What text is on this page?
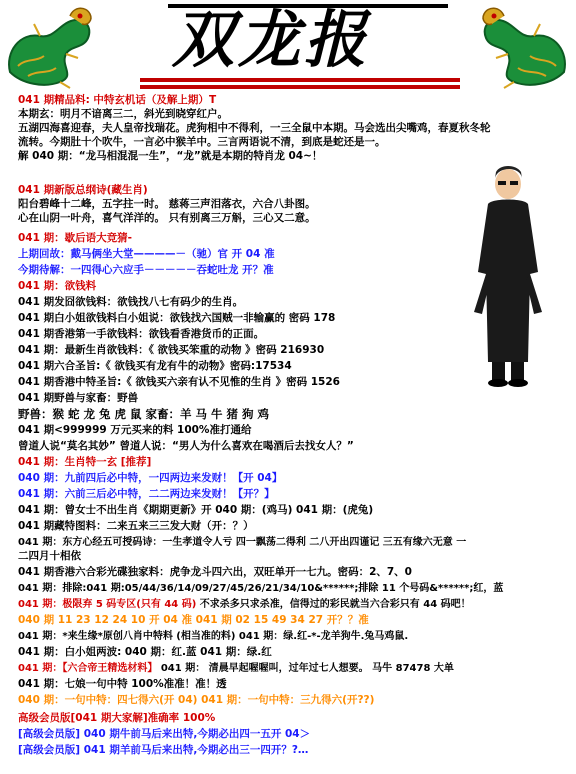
双龙报
041 期精品料: 中特玄机话（及解上期）T
本期玄：明月不谙离三二，斜光到晓穿红户。
五湖四海喜迎春，夫人皇帝找瑞花。虎狗相中不得利，一三全鼠中本期。马会选出尖嘴鸡，春夏秋冬轮
流转。今期肚十个吹牛，一言必中猴羊中。三言两语说不清，到底是蛇还是一。
解 040 期：“龙马相混混一生”，“龙”就是本期的特肖龙 04~！
041 期新版总纲诗(藏生肖)
阳台碧峰十二峰，五字拄一时。 慈蒋三声泪落衣，六合八卦图。
心在山阴一叶舟，喜气洋洋的。 只有别离三万斛，三心又二意。
041 期：歇后语大竞猜-
上期回故：戴马俩坐大堂————－（驰）官 开 04 准
今期待解：一四得心六应手－－－－－吞蛇吐龙 开？准
041 期：欲钱料
041 期发囧欲钱料：欲钱找八七有码少的生肖。
041 期白小姐欲钱料白小姐说：欲钱找六国贼一非输赢的 密码 178
041 期香港第一手欲钱料：欲钱看香港货币的正面。
041 期：最新生肖欲钱料：《 欲钱买笨重的动物 》密码 216930
041 期六合圣旨:《 欲钱买有龙有牛的动物》密码:17534
041 期香港中特圣旨:《 欲钱买六亲有认不见惟的生肖 》密码 1526
041 期野兽与家畜：野兽
野兽：猴 蛇 龙 兔 虎 鼠 家畜：羊 马 牛 猪 狗 鸡
041 期<999999 万元买来的料 100%准打通给
曾道人说“莫名其妙” 曾道人说：“男人为什么喜欢在喝酒后去找女人？”
041 期：生肖特一玄 [推荐]
040 期：九前四后必中特，一四两边来发财！【开 04】
041 期：六前三后必中特，二二两边来发财！【开？】
041 期：曾女士不出生肖《期期更新》开 040 期：(鸡马) 041 期：(虎兔)
041 期藏特图料：二来五来三三发大财（开：？）
041 期：东方心经五可授码诗：一生孝道令人亏 四一飘荡二得利 二八开出四谨记 三五有缘六无意 一
二四月十相依
041 期香港六合彩光碟独家料：虎争龙斗四六出，双旺单开一七九。密码：2、7、0
041 期：排除:041 期:05/44/36/14/09/27/45/26/21/34/10&******;排除 11 个号码&******;红，蓝
041 期：极限弃 5 码专区(只有 44 码) 不求杀多只求杀准，信得过的彩民就当六合彩只有 44 码吧！
040 期 11 23 12 24 10 开 04 准 041 期 02 15 49 34 27 开？？准
041 期：*来生缘*原创八肖中特料 (相当准的料) 041 期：绿.红-*-龙羊狗牛.兔马鸡鼠.
041 期：白小姐两波: 040 期：红.蓝 041 期：绿.红
041 期：【六合帝王精选材料】 041 期： 清晨早起喔喔叫，过年过七人想要。 马牛 87478 大单
041 期：七娘一句中特 100%准准！准！透
040 期：一句中特：四七得六(开 04) 041 期：一句中特：三九得六(开??)
高级会员版[041 期大家解]准确率 100%
[高级会员版] 040 期牛前马后来出特,今期必出四一五开 04＞
[高级会员版] 041 期羊前马后来出特,今期必出三一四开？?…
